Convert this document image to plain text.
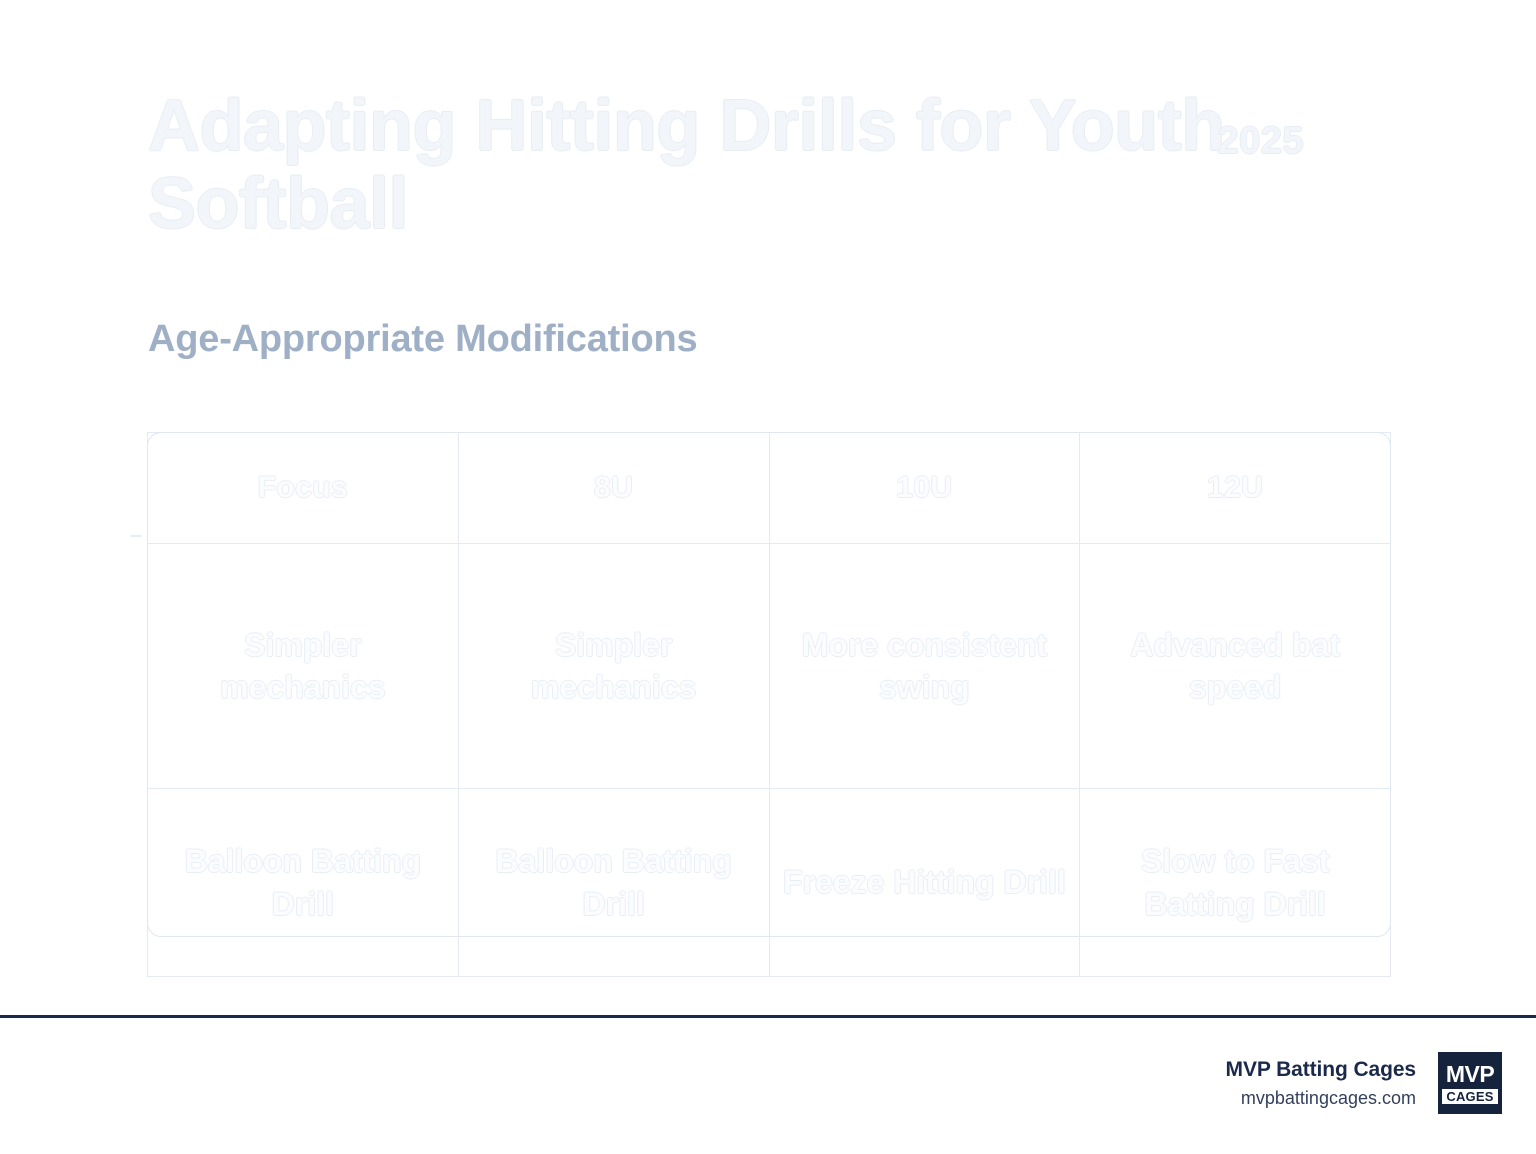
Adapting Hitting Drills for Youth Softball
2025
Age-Appropriate Modifications
Focus	8U	10U	12U
Simpler mechanics	Simpler mechanics	More consistent swing	Advanced bat speed
Balloon Batting Drill	Balloon Batting Drill	Freeze Hitting Drill	Slow to Fast Batting Drill
MVP Batting Cages
mvpbattingcages.com
MVP
CAGES
